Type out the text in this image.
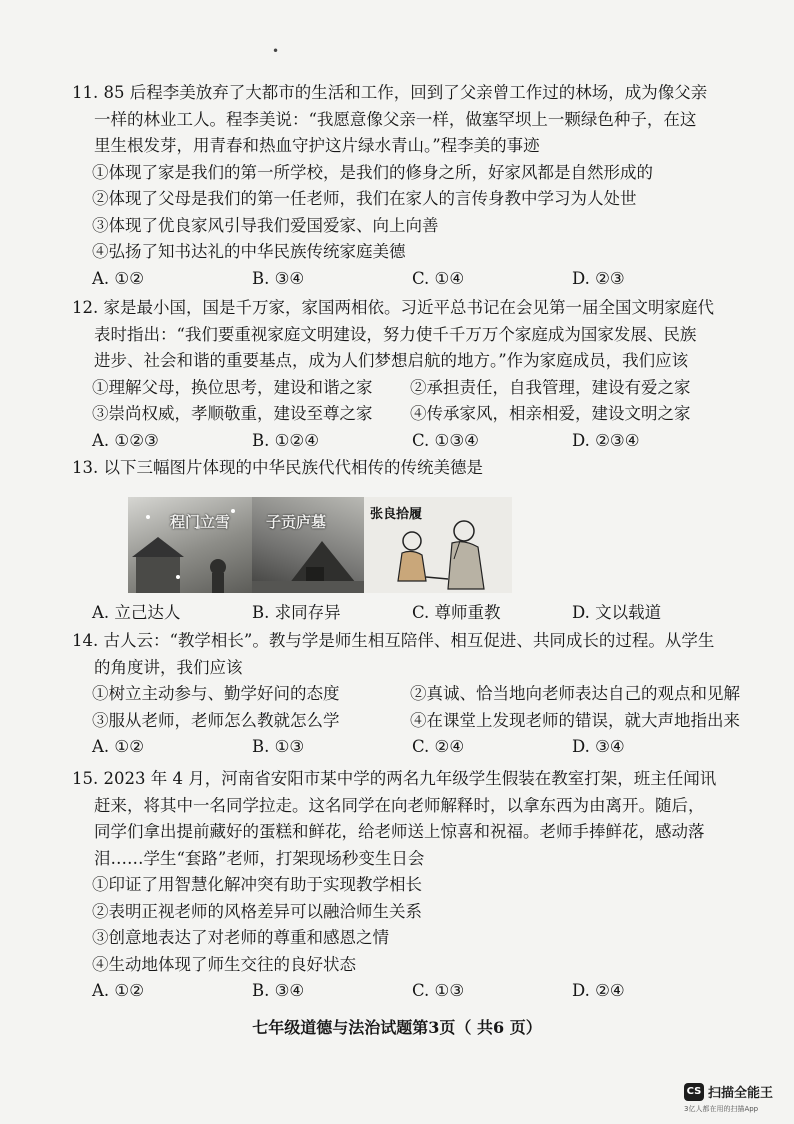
•
11. 85 后程李美放弃了大都市的生活和工作，回到了父亲曾工作过的林场，成为像父亲
一样的林业工人。程李美说：“我愿意像父亲一样，做塞罕坝上一颗绿色种子，在这
里生根发芽，用青春和热血守护这片绿水青山。”程李美的事迹
①体现了家是我们的第一所学校，是我们的修身之所，好家风都是自然形成的
②体现了父母是我们的第一任老师，我们在家人的言传身教中学习为人处世
③体现了优良家风引导我们爱国爱家、向上向善
④弘扬了知书达礼的中华民族传统家庭美德
A. ①②	B. ③④	C. ①④	D. ②③
12. 家是最小国，国是千万家，家国两相依。习近平总书记在会见第一届全国文明家庭代
表时指出：“我们要重视家庭文明建设，努力使千千万万个家庭成为国家发展、民族
进步、社会和谐的重要基点，成为人们梦想启航的地方。”作为家庭成员，我们应该
①理解父母，换位思考，建设和谐之家	②承担责任，自我管理，建设有爱之家
③崇尚权威，孝顺敬重，建设至尊之家	④传承家风，相亲相爱，建设文明之家
A. ①②③	B. ①②④	C. ①③④	D. ②③④
13. 以下三幅图片体现的中华民族代代相传的传统美德是
程门立雪 子贡庐墓	张良拾履
A. 立己达人	B. 求同存异	C. 尊师重教	D. 文以载道
14. 古人云：“教学相长”。教与学是师生相互陪伴、相互促进、共同成长的过程。从学生
的角度讲，我们应该
①树立主动参与、勤学好问的态度	②真诚、恰当地向老师表达自己的观点和见解
③服从老师，老师怎么教就怎么学	④在课堂上发现老师的错误，就大声地指出来
A. ①②	B. ①③	C. ②④	D. ③④
15. 2023 年 4 月，河南省安阳市某中学的两名九年级学生假装在教室打架，班主任闻讯
赶来，将其中一名同学拉走。这名同学在向老师解释时，以拿东西为由离开。随后，
同学们拿出提前藏好的蛋糕和鲜花，给老师送上惊喜和祝福。老师手捧鲜花，感动落
泪……学生“套路”老师，打架现场秒变生日会
①印证了用智慧化解冲突有助于实现教学相长
②表明正视老师的风格差异可以融洽师生关系
③创意地表达了对老师的尊重和感恩之情
④生动地体现了师生交往的良好状态
A. ①②	B. ③④	C. ①③	D. ②④
七年级道德与法治试题第3页（ 共6 页）
CS 扫描全能王
3亿人都在用的扫描App
